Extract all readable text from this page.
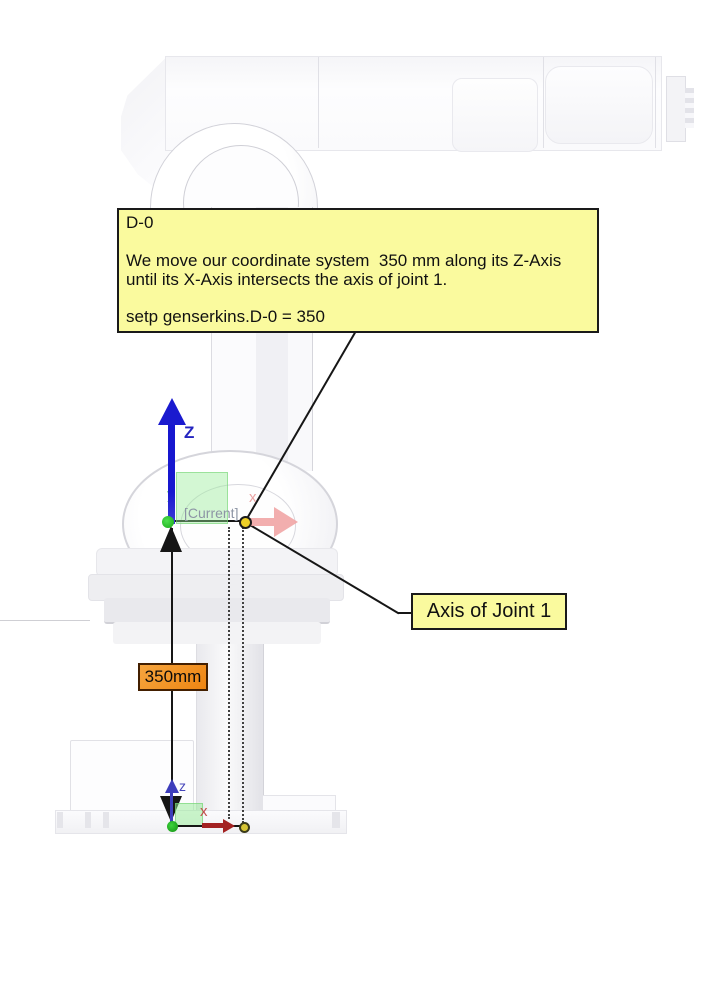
Z
[Current]
x
D-0
We move our coordinate system  350 mm along its Z-Axis
until its X-Axis intersects the axis of joint 1.
setp genserkins.D-0 = 350
Axis of Joint 1
350mm
z
x
